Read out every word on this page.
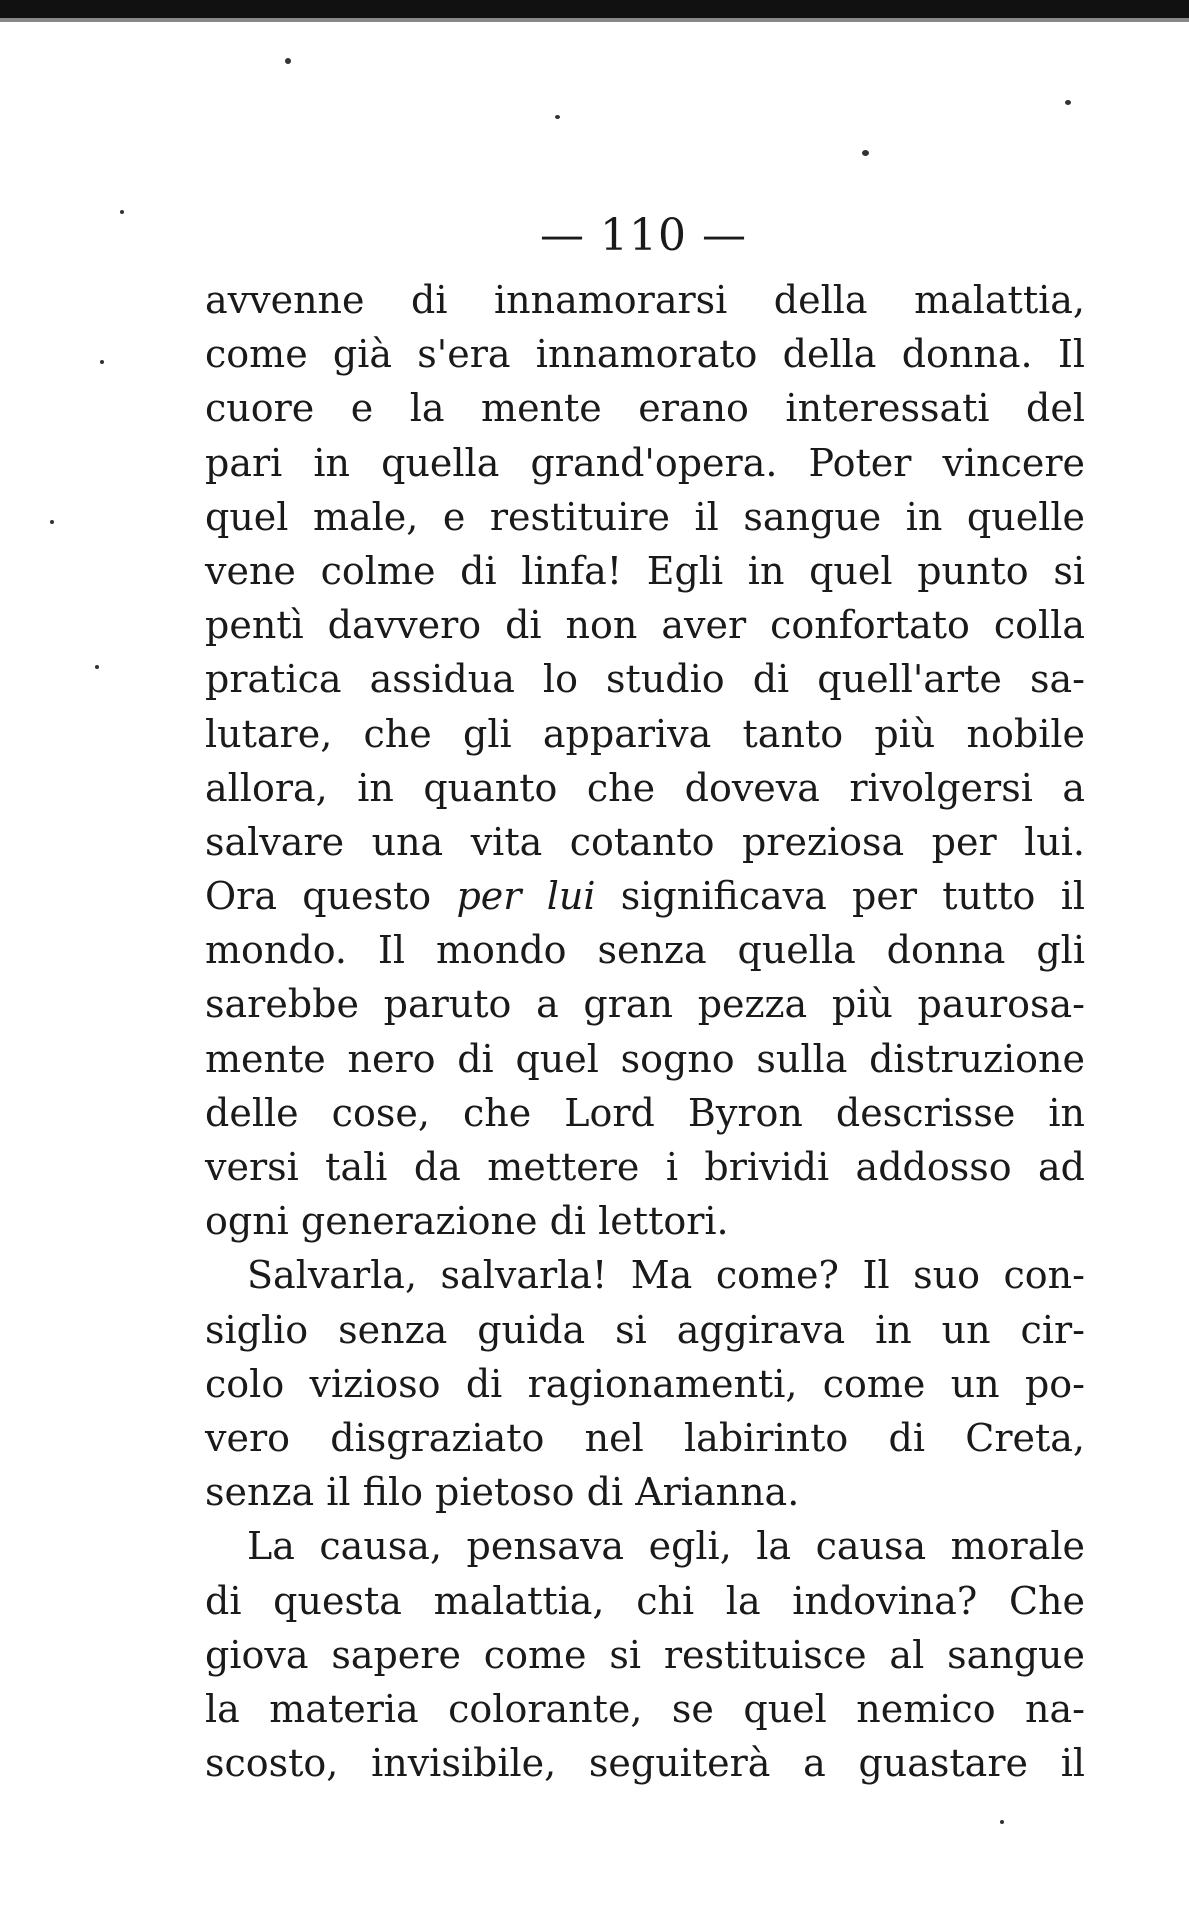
— 110 —
avvenne di innamorarsi della malattia,
come già s'era innamorato della donna. Il
cuore e la mente erano interessati del
pari in quella grand'opera. Poter vincere
quel male, e restituire il sangue in quelle
vene colme di linfa! Egli in quel punto si
pentì davvero di non aver confortato colla
pratica assidua lo studio di quell'arte sa-
lutare, che gli appariva tanto più nobile
allora, in quanto che doveva rivolgersi a
salvare una vita cotanto preziosa per lui.
Ora questo per lui significava per tutto il
mondo. Il mondo senza quella donna gli
sarebbe paruto a gran pezza più paurosa-
mente nero di quel sogno sulla distruzione
delle cose, che Lord Byron descrisse in
versi tali da mettere i brividi addosso ad
ogni generazione di lettori.
Salvarla, salvarla! Ma come? Il suo con-
siglio senza guida si aggirava in un cir-
colo vizioso di ragionamenti, come un po-
vero disgraziato nel labirinto di Creta,
senza il filo pietoso di Arianna.
La causa, pensava egli, la causa morale
di questa malattia, chi la indovina? Che
giova sapere come si restituisce al sangue
la materia colorante, se quel nemico na-
scosto, invisibile, seguiterà a guastare il
